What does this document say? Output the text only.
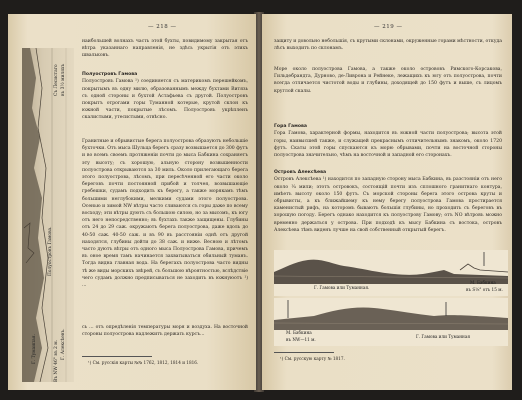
Г. Тумаипая.	Въ NW 46° въ 2 м. Г. Алексѣевъ.
Полуостровъ Гамова.
Съ Лесистаго въ 3½ миляхъ
— 218 —
наибольшей волнахъ часть этой бухты, повидимому закрытая отъ вѣтра указаннаго направленія, не здѣсь укрытія отъ этихъ швальковъ.

Полуостровъ Гамова
Полуостровъ Гамова ¹) соединяется съ материкомъ перешейкомъ, покрытымъ въ одну милю, образованнымъ между бухтами Витязь съ одной стороны и бухтой Астафьева съ другой. Полуостровъ покрытъ отрогами горы Туманной котерые, крутой склон къ южной части, покрытые лѣсомъ. Полуостровъ укрѣпленъ скалистыми, утесистыми, отвѣсно.

Гранитные и обрывистые берега полуострова образуютъ небольшіе бухточки. Отъ мыса Шульца берегъ сразу возвышается до 300 футъ и во всемъ своемъ протяженіи почти до мыса Бабкина сохраняетъ эту высоту; съ хорошую, альную сторону возвышенности полуострова открываются за 30 миль. Около прилегающаго берега этого полуострова, лѣсомъ, при пересѣченной его части около береговъ почти постоянной прибой и толчея, возвышающіе гребешки, судамъ подходить къ берегу, а также морякамъ тѣмъ большими неглубокими, мелкими судами этого полуострова. Осенью и зимой NW вѣтры часто сливаются съ горы даже по всему восходу; эти вѣтры дуютъ съ большою силою, но за мысомъ, къ югу отъ него непосредственно; въ бухтахъ также защищены. Глубины отъ 24 до 29 саж. окружаютъ берега полуострова, даже вдоль до 40-50 саж. 40-50 саж. и въ 90 въ расстояніи однѣ отъ другой находятся, глубины дойти до 38 саж. и ниже. Весною и лѣтомъ часто дуютъ вѣтры отъ одного мыса Полуострова Гамова, причемъ въ оное время тамъ начинается захватываться обильный туманъ. Тогда видна главная вода. На берегахъ полуострова часто видны тѣ же виды морскихъ звѣрей, съ большою вѣроятностью, вслѣдствіе чего судамъ должно предписываться не заходить въ южнуюотъ ¹) ...
сь ... отъ опредѣленія температуры моря и воздуха. На восточной стороны полуострова надлежитъ держать курсъ...
¹) См. русскія карты №№ 1762, 1812, 1814 и 1816.
— 219 —
защиту и довольно небольшія, съ крутыми склонами, окруженные горами мѣстности, откуда лѣсъ выходитъ по склонамъ.
Море около полуострова Гамова, а также около острововъ Римского-Корсакова, Гильдебрандта, Дурново, де-Ливрона и Рейнеке, лежащихъ къ югу отъ полуострова, почти всегда отличается чистотой воды и глубины, доходящей до 150 футъ и выше, съ лицомъ круглой скалы.

Гора Гамова
Гора Гамова, характерной формы, находится въ южной части полуострова; высота этой горы, наивысшей также, и служащей прекраснымъ отличительнымъ знакомъ, около 1720 футъ. Скаты этой горы спускаются къ морю обрывами, почти на восточной стороны полуострова значительно, чѣмъ на восточной и западной его сторонахъ.

Островъ Алексѣева
Островъ Алексѣева ¹) находится по западную сторону мыса Бабкина, въ разстояніи отъ него около ¼ мили; этотъ островокъ, состоящій почти изъ сплошного гранитнаго контура, имѣетъ высоту около 150 футъ. Съ морской стороны берега этого острова круты и обрывисты, а къ ближайшему къ нему берегу полуострова Гамова простирается каменистый рифъ, на которомъ бываютъ большія глубины, но проходить съ береговъ въ хорошую погоду. Берегъ однако находится къ полуострову Гамову; отъ NO вѣтровъ можно временно держаться у острова. При подходѣ къ мысу Бабкина съ востока, островъ Алексѣева тѣмъ виденъ лучше на свой собственный открытый берегъ.

Г. Гамова или Туманная.
М. Бабкина
въ S⅛° отъ 15 м.
М. Бабкина
въ NW—11 м.
Г. Гамова или Туманная
¹) См. русскую карту № 1817.
